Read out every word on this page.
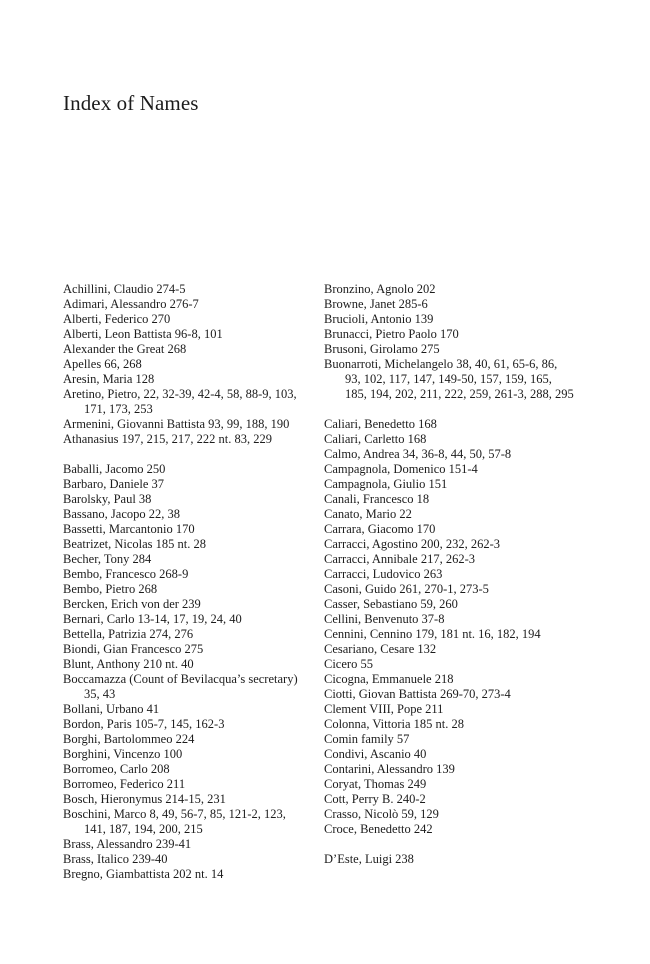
Index of Names
Achillini, Claudio 274-5
Adimari, Alessandro 276-7
Alberti, Federico 270
Alberti, Leon Battista 96-8, 101
Alexander the Great 268
Apelles 66, 268
Aresin, Maria 128
Aretino, Pietro, 22, 32-39, 42-4, 58, 88-9, 103, 171, 173, 253
Armenini, Giovanni Battista 93, 99, 188, 190
Athanasius 197, 215, 217, 222 nt. 83, 229
Baballi, Jacomo 250
Barbaro, Daniele 37
Barolsky, Paul 38
Bassano, Jacopo 22, 38
Bassetti, Marcantonio 170
Beatrizet, Nicolas 185 nt. 28
Becher, Tony 284
Bembo, Francesco 268-9
Bembo, Pietro 268
Bercken, Erich von der 239
Bernari, Carlo 13-14, 17, 19, 24, 40
Bettella, Patrizia 274, 276
Biondi, Gian Francesco 275
Blunt, Anthony 210 nt. 40
Boccamazza (Count of Bevilacqua’s secretary) 35, 43
Bollani, Urbano 41
Bordon, Paris 105-7, 145, 162-3
Borghi, Bartolommeo 224
Borghini, Vincenzo 100
Borromeo, Carlo 208
Borromeo, Federico 211
Bosch, Hieronymus 214-15, 231
Boschini, Marco 8, 49, 56-7, 85, 121-2, 123, 141, 187, 194, 200, 215
Brass, Alessandro 239-41
Brass, Italico 239-40
Bregno, Giambattista 202 nt. 14
Bronzino, Agnolo 202
Browne, Janet 285-6
Brucioli, Antonio 139
Brunacci, Pietro Paolo 170
Brusoni, Girolamo 275
Buonarroti, Michelangelo 38, 40, 61, 65-6, 86, 93, 102, 117, 147, 149-50, 157, 159, 165, 185, 194, 202, 211, 222, 259, 261-3, 288, 295
Caliari, Benedetto 168
Caliari, Carletto 168
Calmo, Andrea 34, 36-8, 44, 50, 57-8
Campagnola, Domenico 151-4
Campagnola, Giulio 151
Canali, Francesco 18
Canato, Mario 22
Carrara, Giacomo 170
Carracci, Agostino 200, 232, 262-3
Carracci, Annibale 217, 262-3
Carracci, Ludovico 263
Casoni, Guido 261, 270-1, 273-5
Casser, Sebastiano 59, 260
Cellini, Benvenuto 37-8
Cennini, Cennino 179, 181 nt. 16, 182, 194
Cesariano, Cesare 132
Cicero 55
Cicogna, Emmanuele 218
Ciotti, Giovan Battista 269-70, 273-4
Clement VIII, Pope 211
Colonna, Vittoria 185 nt. 28
Comin family 57
Condivi, Ascanio 40
Contarini, Alessandro 139
Coryat, Thomas 249
Cott, Perry B. 240-2
Crasso, Nicolò 59, 129
Croce, Benedetto 242
D’Este, Luigi 238
